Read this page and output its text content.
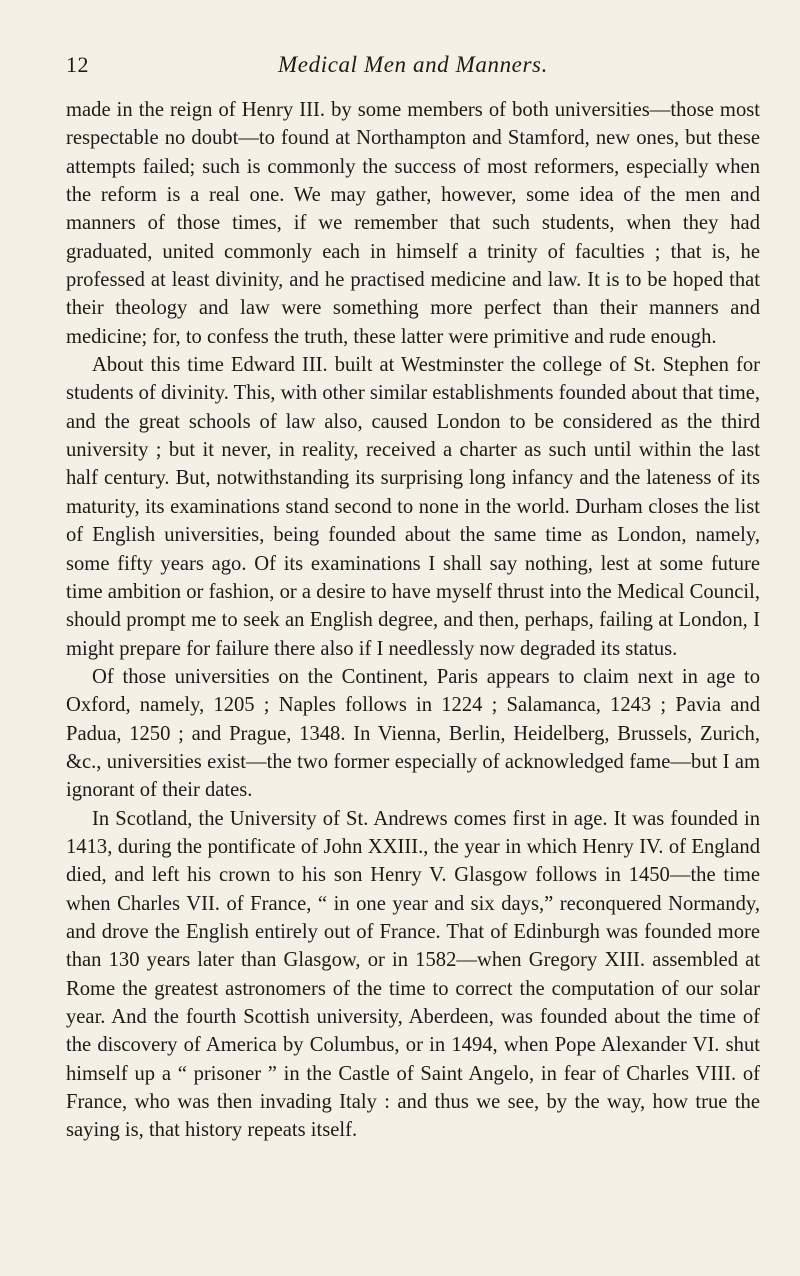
12	Medical Men and Manners.

made in the reign of Henry III. by some members of both universities—those most respectable no doubt—to found at Northampton and Stamford, new ones, but these attempts failed; such is commonly the success of most reformers, especially when the reform is a real one. We may gather, however, some idea of the men and manners of those times, if we remember that such students, when they had graduated, united commonly each in himself a trinity of faculties ; that is, he professed at least divinity, and he practised medicine and law. It is to be hoped that their theology and law were something more perfect than their manners and medicine; for, to confess the truth, these latter were primitive and rude enough.

About this time Edward III. built at Westminster the college of St. Stephen for students of divinity. This, with other similar establishments founded about that time, and the great schools of law also, caused London to be considered as the third university ; but it never, in reality, received a charter as such until within the last half century. But, notwithstanding its surprising long infancy and the lateness of its maturity, its examinations stand second to none in the world. Durham closes the list of English universities, being founded about the same time as London, namely, some fifty years ago. Of its examinations I shall say nothing, lest at some future time ambition or fashion, or a desire to have myself thrust into the Medical Council, should prompt me to seek an English degree, and then, perhaps, failing at London, I might prepare for failure there also if I needlessly now degraded its status.

Of those universities on the Continent, Paris appears to claim next in age to Oxford, namely, 1205 ; Naples follows in 1224 ; Salamanca, 1243 ; Pavia and Padua, 1250 ; and Prague, 1348. In Vienna, Berlin, Heidelberg, Brussels, Zurich, &c., universities exist—the two former especially of acknowledged fame—but I am ignorant of their dates.

In Scotland, the University of St. Andrews comes first in age. It was founded in 1413, during the pontificate of John XXIII., the year in which Henry IV. of England died, and left his crown to his son Henry V. Glasgow follows in 1450—the time when Charles VII. of France, “ in one year and six days,” reconquered Normandy, and drove the English entirely out of France. That of Edinburgh was founded more than 130 years later than Glasgow, or in 1582—when Gregory XIII. assembled at Rome the greatest astronomers of the time to correct the computation of our solar year. And the fourth Scottish university, Aberdeen, was founded about the time of the discovery of America by Columbus, or in 1494, when Pope Alexander VI. shut himself up a “ prisoner ” in the Castle of Saint Angelo, in fear of Charles VIII. of France, who was then invading Italy : and thus we see, by the way, how true the saying is, that history repeats itself.
